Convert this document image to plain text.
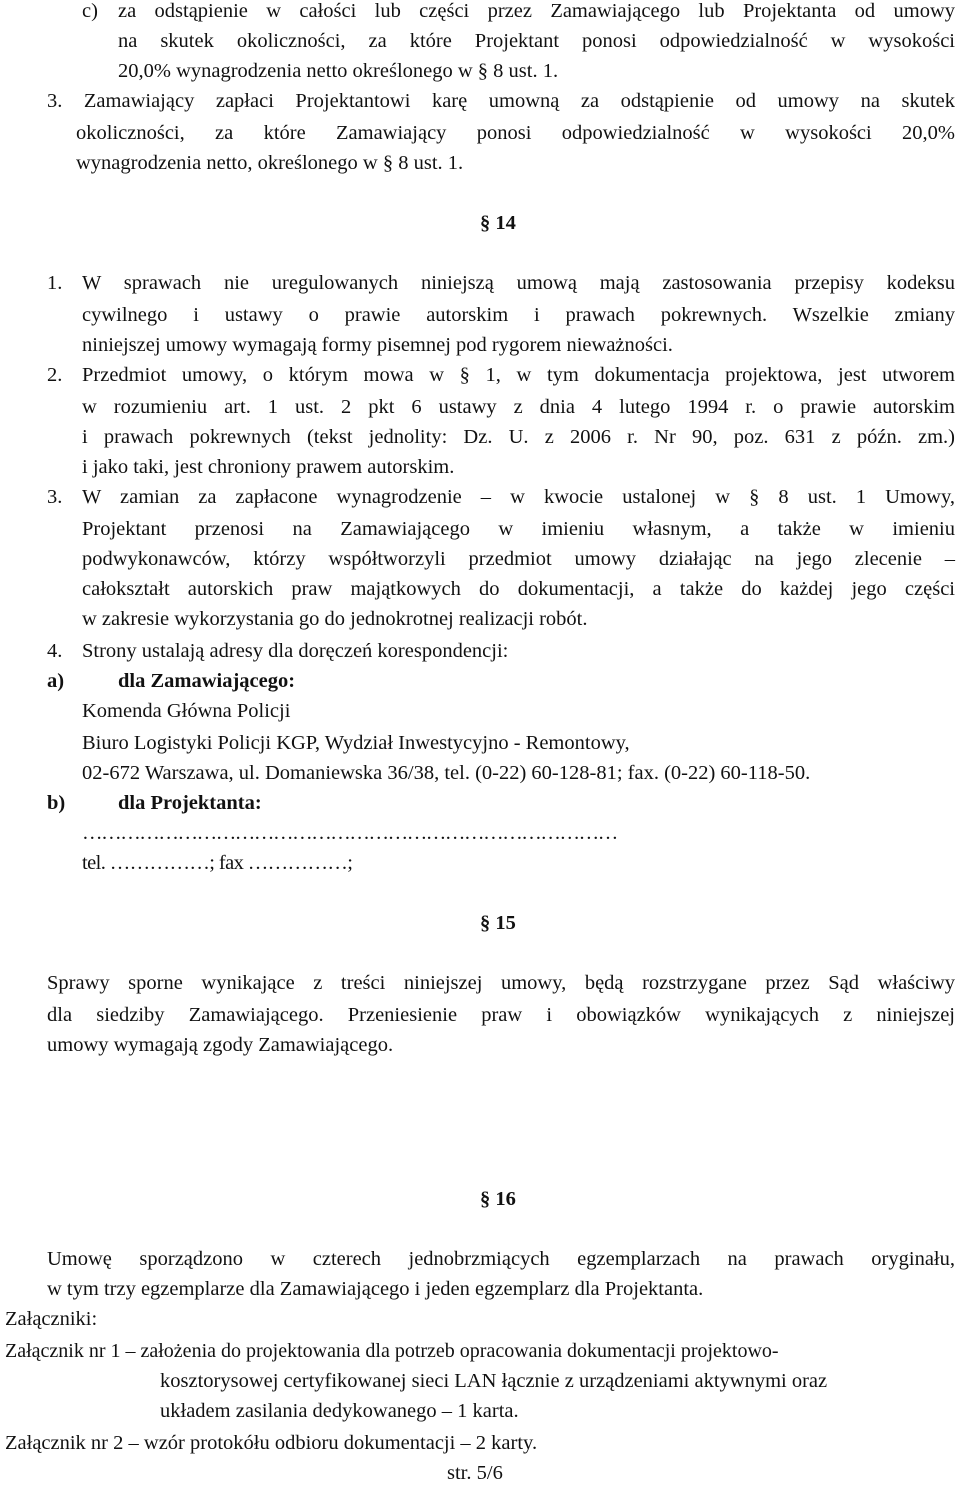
c) za odstąpienie w całości lub części przez Zamawiającego lub Projektanta od umowy
na skutek okoliczności, za które Projektant ponosi odpowiedzialność w wysokości
20,0% wynagrodzenia netto określonego w § 8 ust. 1.
3. Zamawiający zapłaci Projektantowi karę umowną za odstąpienie od umowy na skutek
okoliczności, za które Zamawiający ponosi odpowiedzialność w wysokości 20,0%
wynagrodzenia netto, określonego w § 8 ust. 1.
§ 14
1. W sprawach nie uregulowanych niniejszą umową mają zastosowania przepisy kodeksu
cywilnego i ustawy o prawie autorskim i prawach pokrewnych. Wszelkie zmiany
niniejszej umowy wymagają formy pisemnej pod rygorem nieważności.
2. Przedmiot umowy, o którym mowa w § 1, w tym dokumentacja projektowa, jest utworem
w rozumieniu art. 1 ust. 2 pkt 6 ustawy z dnia 4 lutego 1994 r. o prawie autorskim
i prawach pokrewnych (tekst jednolity: Dz. U. z 2006 r. Nr 90, poz. 631 z późn. zm.)
i jako taki, jest chroniony prawem autorskim.
3. W zamian za zapłacone wynagrodzenie – w kwocie ustalonej w § 8 ust. 1 Umowy,
Projektant przenosi na Zamawiającego w imieniu własnym, a także w imieniu
podwykonawców, którzy współtworzyli przedmiot umowy działając na jego zlecenie –
całokształt autorskich praw majątkowych do dokumentacji, a także do każdej jego części
w zakresie wykorzystania go do jednokrotnej realizacji robót.
4. Strony ustalają adresy dla doręczeń korespondencji:
a)	dla Zamawiającego:
Komenda Główna Policji
Biuro Logistyki Policji KGP, Wydział Inwestycyjno - Remontowy,
02-672 Warszawa, ul. Domaniewska 36/38, tel. (0-22) 60-128-81; fax. (0-22) 60-118-50.
b)	dla Projektanta:
…………………………………………………………………………
tel. ……………; fax ……………;
§ 15
Sprawy sporne wynikające z treści niniejszej umowy, będą rozstrzygane przez Sąd właściwy
dla siedziby Zamawiającego. Przeniesienie praw i obowiązków wynikających z niniejszej
umowy wymagają zgody Zamawiającego.
§ 16
Umowę sporządzono w czterech jednobrzmiących egzemplarzach na prawach oryginału,
w tym trzy egzemplarze dla Zamawiającego i jeden egzemplarz dla Projektanta.
Załączniki:
Załącznik nr 1 – założenia do projektowania dla potrzeb opracowania dokumentacji projektowo-
kosztorysowej certyfikowanej sieci LAN łącznie z urządzeniami aktywnymi oraz
układem zasilania dedykowanego – 1 karta.
Załącznik nr 2 – wzór protokółu odbioru dokumentacji – 2 karty.
str. 5/6
